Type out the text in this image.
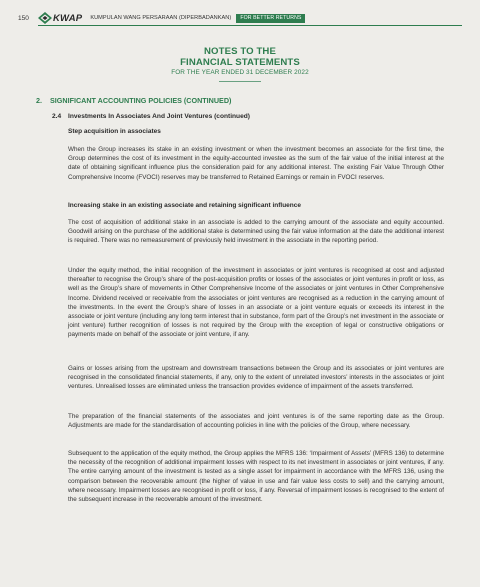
150	KWAP KUMPULAN WANG PERSARAAN (DIPERBADANKAN)	FOR BETTER RETURNS
NOTES TO THE
FINANCIAL STATEMENTS
FOR THE YEAR ENDED 31 DECEMBER 2022
2. SIGNIFICANT ACCOUNTING POLICIES (CONTINUED)
2.4 Investments In Associates And Joint Ventures (continued)
Step acquisition in associates
When the Group increases its stake in an existing investment or when the investment becomes an associate for the first time, the Group determines the cost of its investment in the equity-accounted investee as the sum of the fair value of the initial interest at the date of obtaining significant influence plus the consideration paid for any additional interest. The existing Fair Value Through Other Comprehensive Income (FVOCI) reserves may be transferred to Retained Earnings or remain in FVOCI reserves.
Increasing stake in an existing associate and retaining significant influence
The cost of acquisition of additional stake in an associate is added to the carrying amount of the associate and equity accounted. Goodwill arising on the purchase of the additional stake is determined using the fair value information at the date the additional interest is required. There was no remeasurement of previously held investment in the associate in the reporting period.
Under the equity method, the initial recognition of the investment in associates or joint ventures is recognised at cost and adjusted thereafter to recognise the Group’s share of the post-acquisition profits or losses of the associates or joint ventures in profit or loss, as well as the Group’s share of movements in Other Comprehensive Income of the associates or joint ventures in Other Comprehensive Income. Dividend received or receivable from the associates or joint ventures are recognised as a reduction in the carrying amount of the investments. In the event the Group’s share of losses in an associate or a joint venture equals or exceeds its interest in the associate or joint venture (including any long term interest that in substance, form part of the Group’s net investment in the associate or joint venture) further recognition of losses is not required by the Group with the exception of legal or constructive obligations or payments made on behalf of the associate or joint venture, if any.
Gains or losses arising from the upstream and downstream transactions between the Group and its associates or joint ventures are recognised in the consolidated financial statements, if any, only to the extent of unrelated investors’ interests in the associates or joint ventures. Unrealised losses are eliminated unless the transaction provides evidence of impairment of the assets transferred.
The preparation of the financial statements of the associates and joint ventures is of the same reporting date as the Group. Adjustments are made for the standardisation of accounting policies in line with the policies of the Group, where necessary.
Subsequent to the application of the equity method, the Group applies the MFRS 136: ‘Impairment of Assets’ (MFRS 136) to determine the necessity of the recognition of additional impairment losses with respect to its net investment in associates or joint ventures, if any. The entire carrying amount of the investment is tested as a single asset for impairment in accordance with the MFRS 136, using the comparison between the recoverable amount (the higher of value in use and fair value less costs to sell) and the carrying amount, where necessary. Impairment losses are recognised in profit or loss, if any. Reversal of impairment losses is recognised to the extent of the subsequent increase in the recoverable amount of the investment.
